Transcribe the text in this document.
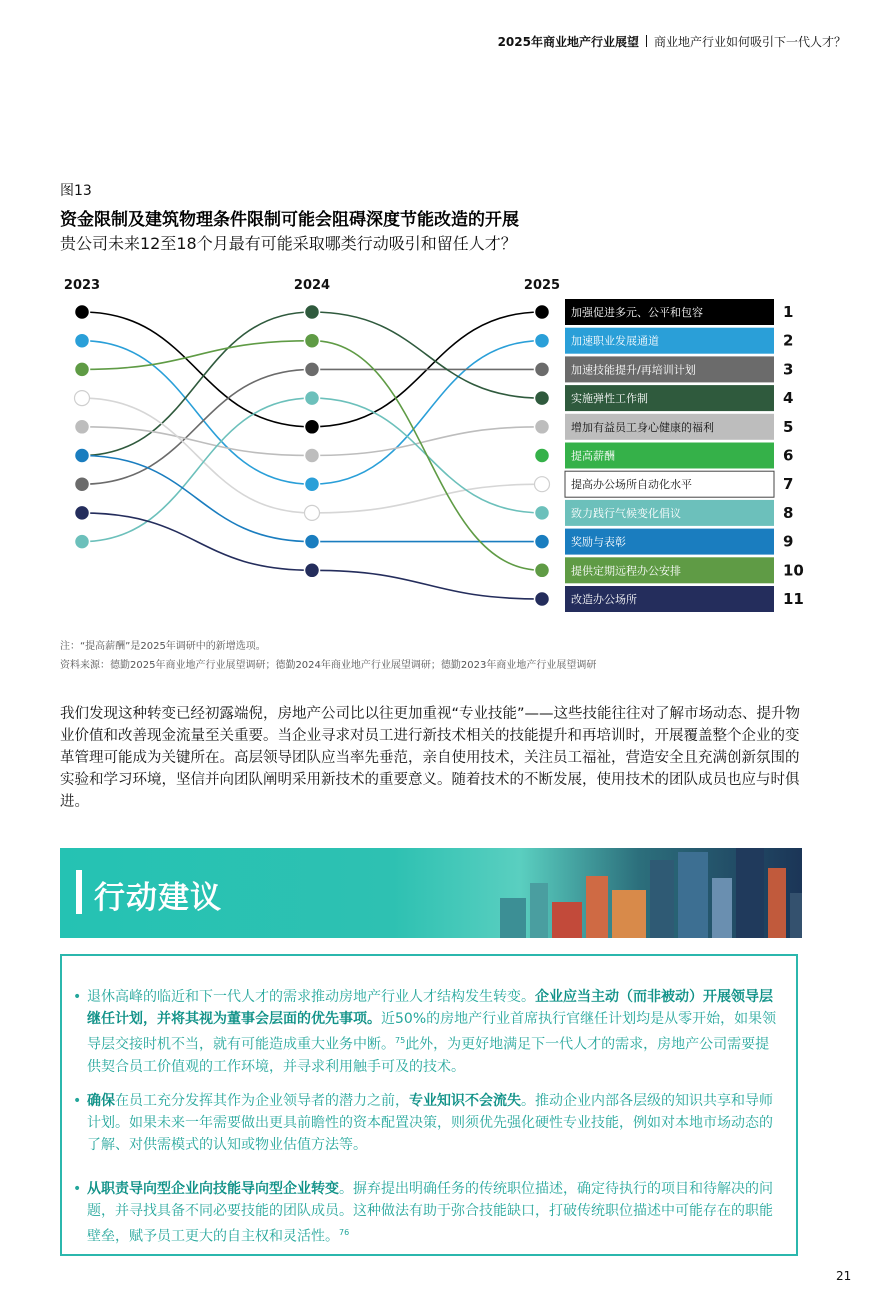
2025年商业地产行业展望 商业地产行业如何吸引下一代人才？
图13
资金限制及建筑物理条件限制可能会阻碍深度节能改造的开展
贵公司未来12至18个月最有可能采取哪类行动吸引和留任人才？
2023	2024	2025
加强促进多元、公平和包容
加速职业发展通道
加速技能提升/再培训计划
实施弹性工作制
增加有益员工身心健康的福利
提高薪酬
提高办公场所自动化水平
致力践行气候变化倡议
奖励与表彰
提供定期远程办公安排
改造办公场所
1
2
3
4
5
6
7
8
9
10
11
注：“提高薪酬”是2025年调研中的新增选项。
资料来源：德勤2025年商业地产行业展望调研；德勤2024年商业地产行业展望调研；德勤2023年商业地产行业展望调研
我们发现这种转变已经初露端倪，房地产公司比以往更加重视“专业技能”——这些技能往往对了解市场动态、提升物业价值和改善现金流量至关重要。当企业寻求对员工进行新技术相关的技能提升和再培训时，开展覆盖整个企业的变革管理可能成为关键所在。高层领导团队应当率先垂范，亲自使用技术，关注员工福祉，营造安全且充满创新氛围的实验和学习环境，坚信并向团队阐明采用新技术的重要意义。随着技术的不断发展，使用技术的团队成员也应与时俱进。
行动建议
• 退休高峰的临近和下一代人才的需求推动房地产行业人才结构发生转变。企业应当主动（而非被动）开展领导层继任计划，并将其视为董事会层面的优先事项。近50%的房地产行业首席执行官继任计划均是从零开始，如果领导层交接时机不当，就有可能造成重大业务中断。$^{75}$此外，为更好地满足下一代人才的需求，房地产公司需要提供契合员工价值观的工作环境，并寻求利用触手可及的技术。
• 确保在员工充分发挥其作为企业领导者的潜力之前，专业知识不会流失。推动企业内部各层级的知识共享和导师计划。如果未来一年需要做出更具前瞻性的资本配置决策，则须优先强化硬性专业技能，例如对本地市场动态的了解、对供需模式的认知或物业估值方法等。
• 从职责导向型企业向技能导向型企业转变。摒弃提出明确任务的传统职位描述，确定待执行的项目和待解决的问题，并寻找具备不同必要技能的团队成员。这种做法有助于弥合技能缺口，打破传统职位描述中可能存在的职能壁垒，赋予员工更大的自主权和灵活性。$^{76}$
21
